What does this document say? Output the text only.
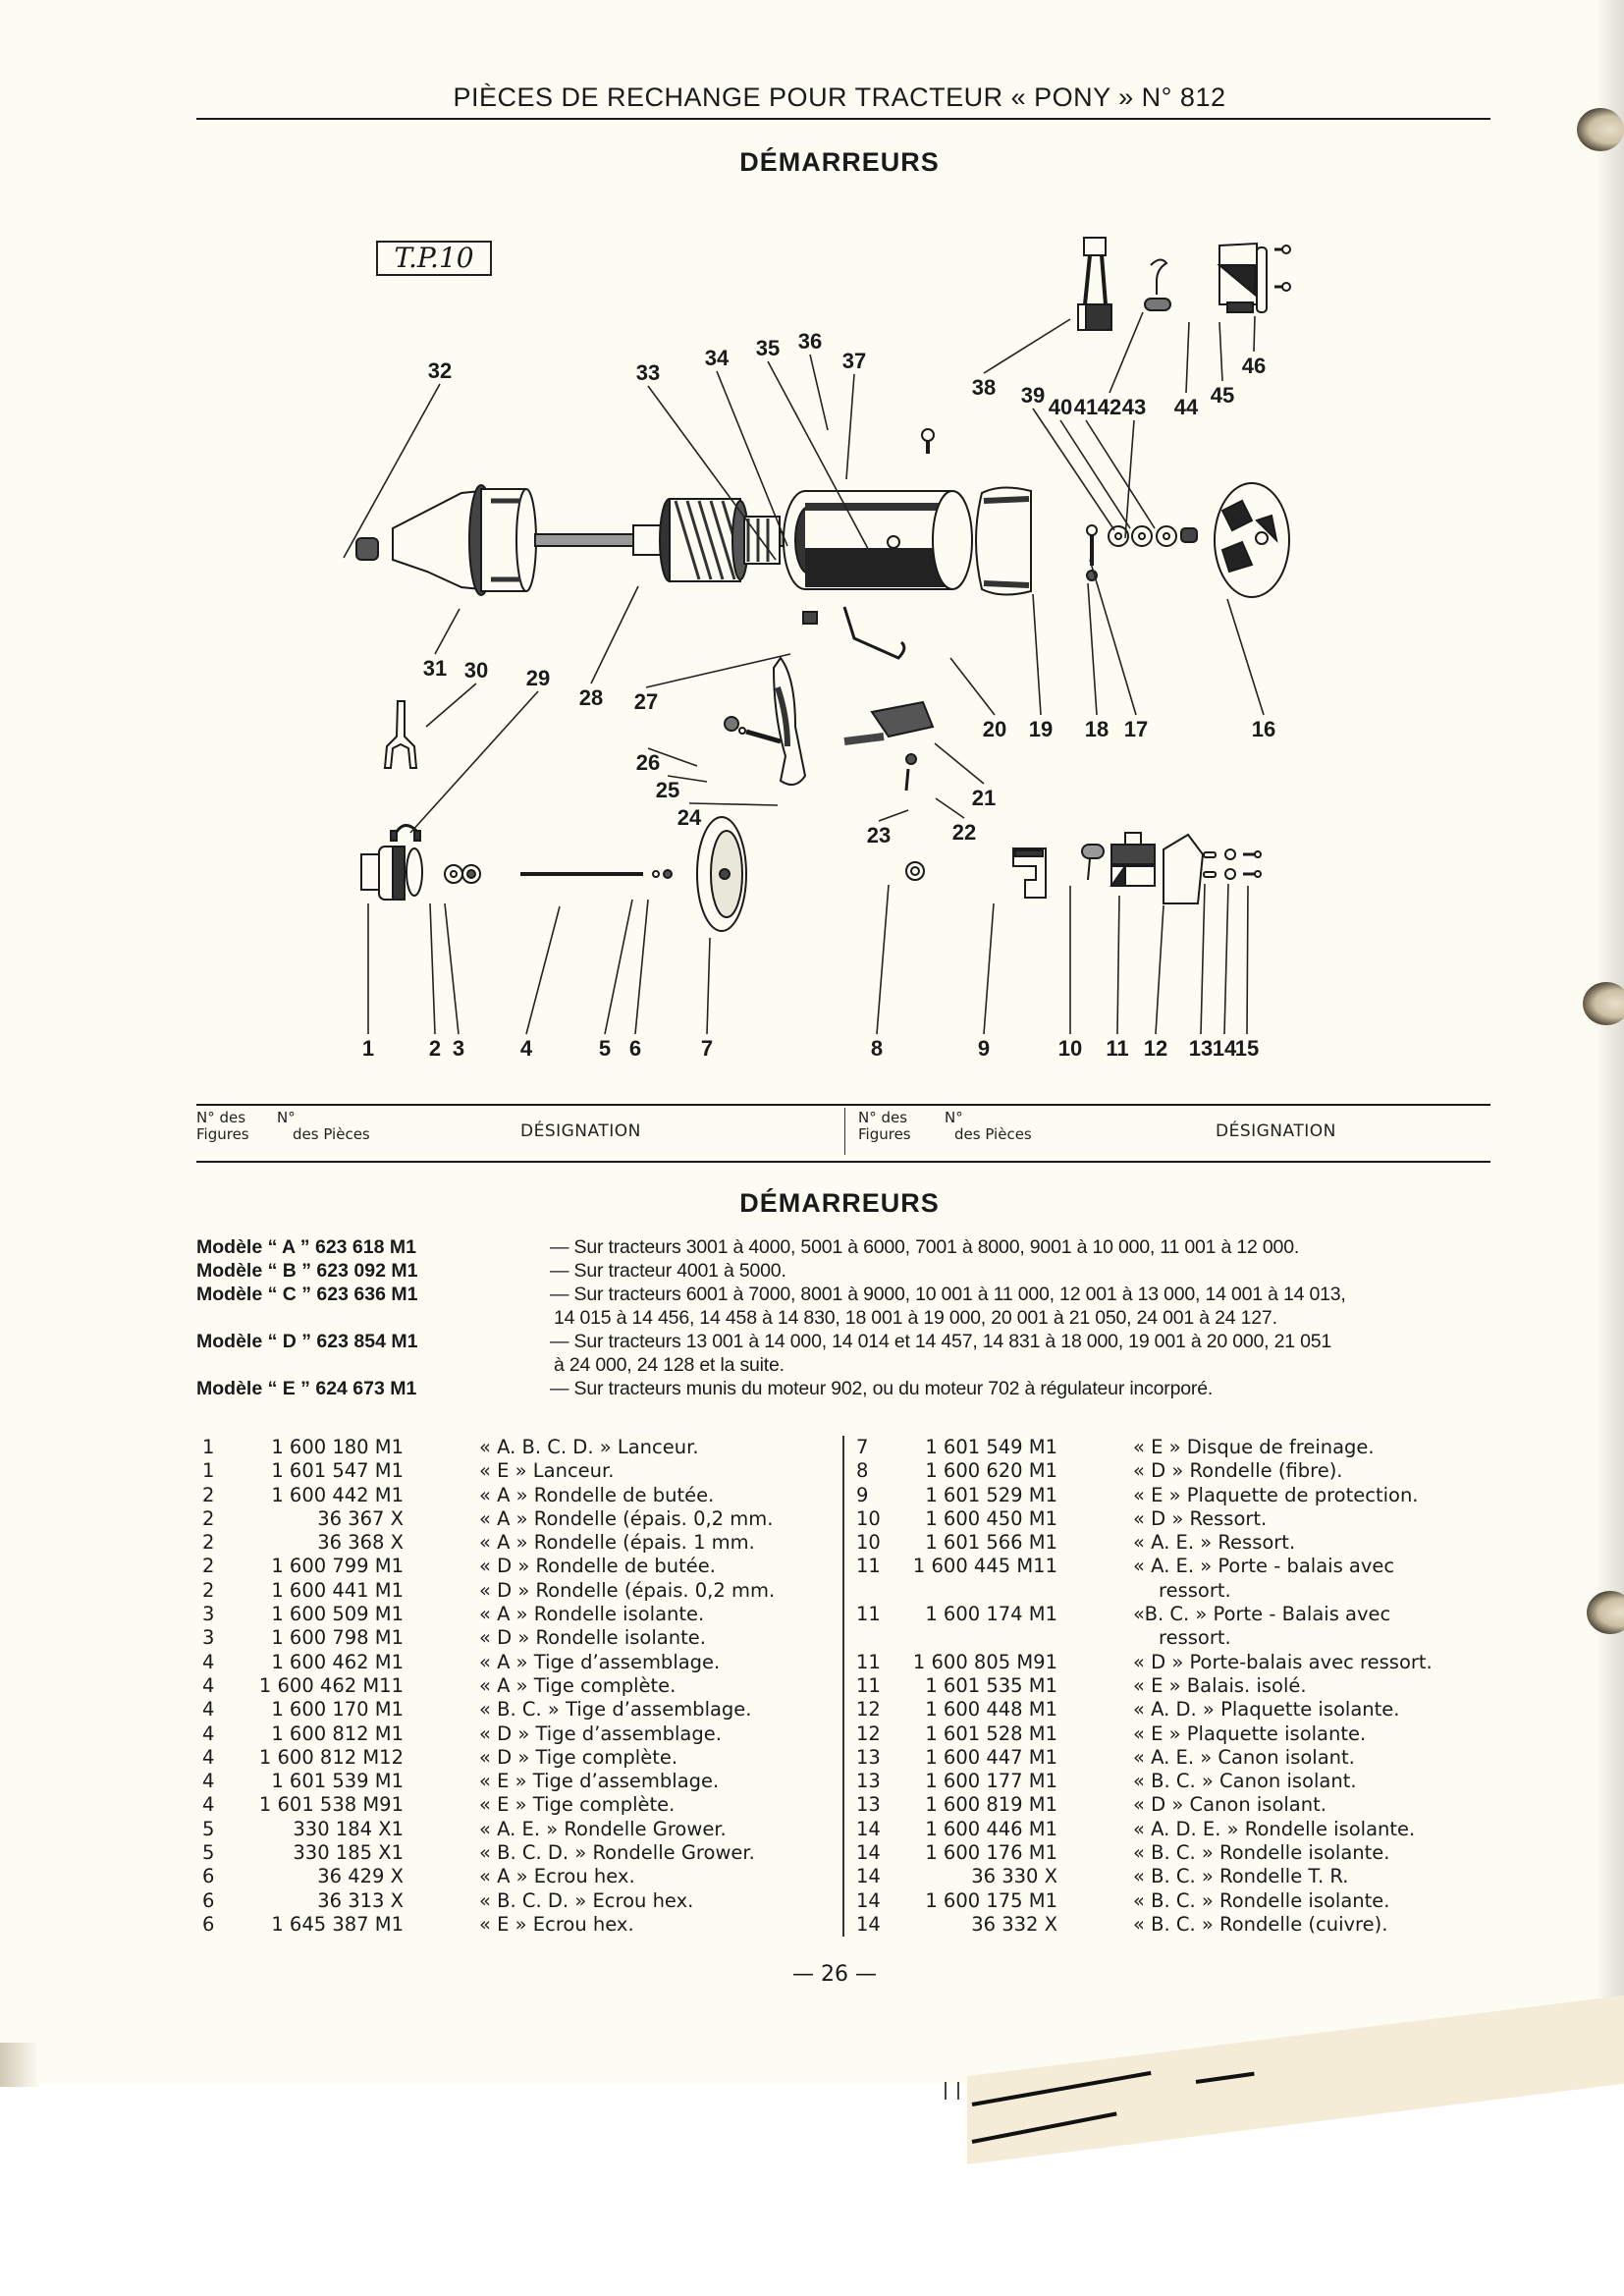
PIÈCES DE RECHANGE POUR TRACTEUR « PONY » N° 812
DÉMARREURS
T.P.10
1	2 3	4	5 6	7	8	9	10 11 12 13 14
15
16
17
18
19
20
21
22
23
24
25
26
27
28
29
30
31
32	33
34 35 36
37
38 39 40 41 42 43 44 45
46
N° des
Figures
N°
des Pièces	DÉSIGNATION
N° des
Figures
N°
des Pièces	DÉSIGNATION
DÉMARREURS
Modèle “ A ” 623 618 M1	— Sur tracteurs 3001 à 4000, 5001 à 6000, 7001 à 8000, 9001 à 10 000, 11 001 à 12 000.
Modèle “ B ” 623 092 M1	— Sur tracteur 4001 à 5000.
Modèle “ C ” 623 636 M1	— Sur tracteurs 6001 à 7000, 8001 à 9000, 10 001 à 11 000, 12 001 à 13 000, 14 001 à 14 013,
14 015 à 14 456, 14 458 à 14 830, 18 001 à 19 000, 20 001 à 21 050, 24 001 à 24 127.
Modèle “ D ” 623 854 M1	— Sur tracteurs 13 001 à 14 000, 14 014 et 14 457, 14 831 à 18 000, 19 001 à 20 000, 21 051
à 24 000, 24 128 et la suite.
Modèle “ E ” 624 673 M1	— Sur tracteurs munis du moteur 902, ou du moteur 702 à régulateur incorporé.
1	1 600 180 M1	« A. B. C. D. » Lanceur.
1	1 601 547 M1	« E » Lanceur.
2	1 600 442 M1	« A » Rondelle de butée.
2	36 367 X	« A » Rondelle (épais. 0,2 mm.
2	36 368 X	« A » Rondelle (épais. 1 mm.
2	1 600 799 M1	« D » Rondelle de butée.
2	1 600 441 M1	« D » Rondelle (épais. 0,2 mm.
3	1 600 509 M1	« A » Rondelle isolante.
3	1 600 798 M1	« D » Rondelle isolante.
4	1 600 462 M1	« A » Tige d’assemblage.
4	1 600 462 M11	« A » Tige complète.
4	1 600 170 M1	« B. C. » Tige d’assemblage.
4	1 600 812 M1	« D » Tige d’assemblage.
4	1 600 812 M12	« D » Tige complète.
4	1 601 539 M1	« E » Tige d’assemblage.
4	1 601 538 M91	« E » Tige complète.
5	330 184 X1	« A. E. » Rondelle Grower.
5	330 185 X1	« B. C. D. » Rondelle Grower.
6	36 429 X	« A » Ecrou hex.
6	36 313 X	« B. C. D. » Ecrou hex.
6	1 645 387 M1	« E » Ecrou hex.
7	1 601 549 M1	« E » Disque de freinage.
8	1 600 620 M1	« D » Rondelle (fibre).
9	1 601 529 M1	« E » Plaquette de protection.
10	1 600 450 M1	« D » Ressort.
10	1 601 566 M1	« A. E. » Ressort.
11	1 600 445 M11	« A. E. » Porte - balais avec
ressort.
11	1 600 174 M1	«B. C. » Porte - Balais avec
ressort.
11	1 600 805 M91	« D » Porte-balais avec ressort.
11	1 601 535 M1	« E » Balais. isolé.
12	1 600 448 M1	« A. D. » Plaquette isolante.
12	1 601 528 M1	« E » Plaquette isolante.
13	1 600 447 M1	« A. E. » Canon isolant.
13	1 600 177 M1	« B. C. » Canon isolant.
13	1 600 819 M1	« D » Canon isolant.
14	1 600 446 M1	« A. D. E. » Rondelle isolante.
14	1 600 176 M1	« B. C. » Rondelle isolante.
14	36 330 X	« B. C. » Rondelle T. R.
14	1 600 175 M1	« B. C. » Rondelle isolante.
14	36 332 X	« B. C. » Rondelle (cuivre).
— 26 —
